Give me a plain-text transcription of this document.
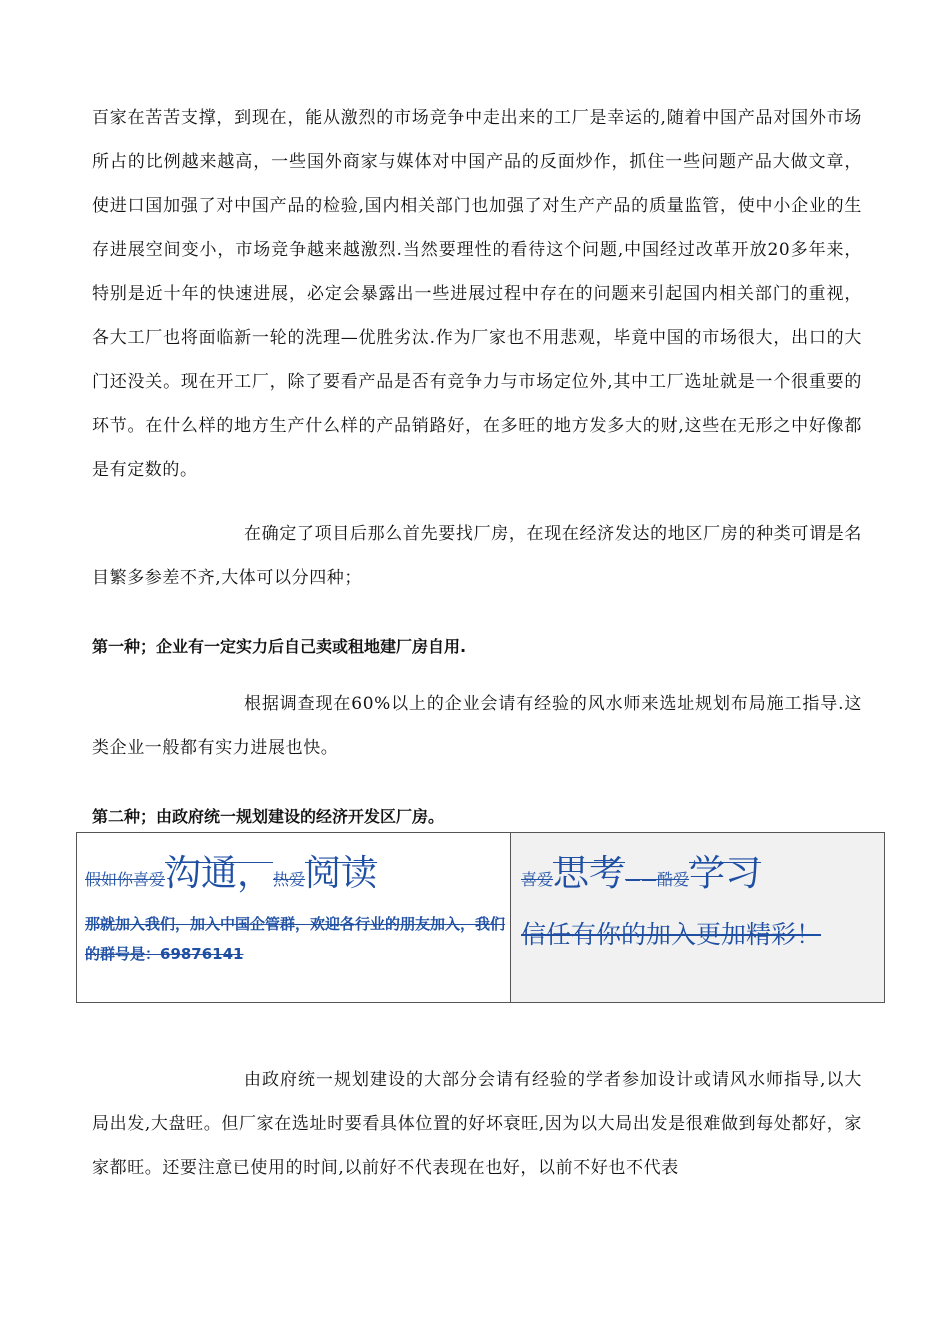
百家在苦苦支撑，到现在，能从激烈的市场竞争中走出来的工厂是幸运的,随着中国产品对国外市场所占的比例越来越高，一些国外商家与媒体对中国产品的反面炒作，抓住一些问题产品大做文章，使进口国加强了对中国产品的检验,国内相关部门也加强了对生产产品的质量监管，使中小企业的生存进展空间变小，市场竞争越来越激烈.当然要理性的看待这个问题,中国经过改革开放20多年来，特别是近十年的快速进展，必定会暴露出一些进展过程中存在的问题来引起国内相关部门的重视，各大工厂也将面临新一轮的洗理—优胜劣汰.作为厂家也不用悲观，毕竟中国的市场很大，出口的大门还没关。现在开工厂，除了要看产品是否有竞争力与市场定位外,其中工厂选址就是一个很重要的环节。在什么样的地方生产什么样的产品销路好，在多旺的地方发多大的财,这些在无形之中好像都是有定数的。

在确定了项目后那么首先要找厂房，在现在经济发达的地区厂房的种类可谓是名目繁多参差不齐,大体可以分四种；

第一种；企业有一定实力后自己卖或租地建厂房自用.

根据调查现在60%以上的企业会请有经验的风水师来选址规划布局施工指导.这类企业一般都有实力进展也快。

第二种；由政府统一规划建设的经济开发区厂房。

假如你喜爱沟通，热爱阅读
那就加入我们，加入中国企管群，欢迎各行业的朋友加入，我们的群号是：69876141
喜爱思考——酷爱学习
信任有你的加入更加精彩！

由政府统一规划建设的大部分会请有经验的学者参加设计或请风水师指导,以大局出发,大盘旺。但厂家在选址时要看具体位置的好坏衰旺,因为以大局出发是很难做到每处都好，家家都旺。还要注意已使用的时间,以前好不代表现在也好，以前不好也不代表
